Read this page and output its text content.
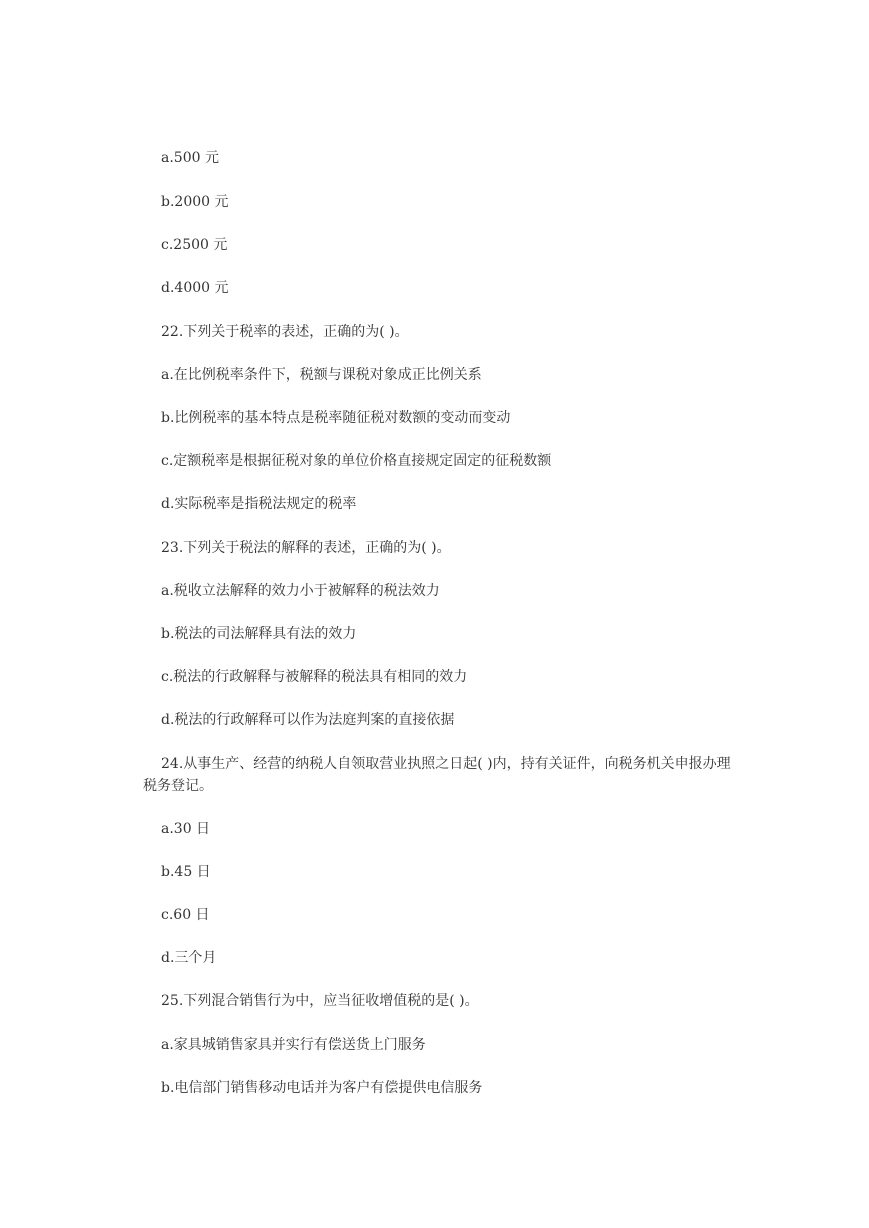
a.500 元
b.2000 元
c.2500 元
d.4000 元
22.下列关于税率的表述，正确的为( )。
a.在比例税率条件下，税额与课税对象成正比例关系
b.比例税率的基本特点是税率随征税对数额的变动而变动
c.定额税率是根据征税对象的单位价格直接规定固定的征税数额
d.实际税率是指税法规定的税率
23.下列关于税法的解释的表述，正确的为( )。
a.税收立法解释的效力小于被解释的税法效力
b.税法的司法解释具有法的效力
c.税法的行政解释与被解释的税法具有相同的效力
d.税法的行政解释可以作为法庭判案的直接依据
24.从事生产、经营的纳税人自领取营业执照之日起( )内，持有关证件，向税务机关申报办理税务登记。
a.30 日
b.45 日
c.60 日
d.三个月
25.下列混合销售行为中，应当征收增值税的是( )。
a.家具城销售家具并实行有偿送货上门服务
b.电信部门销售移动电话并为客户有偿提供电信服务
